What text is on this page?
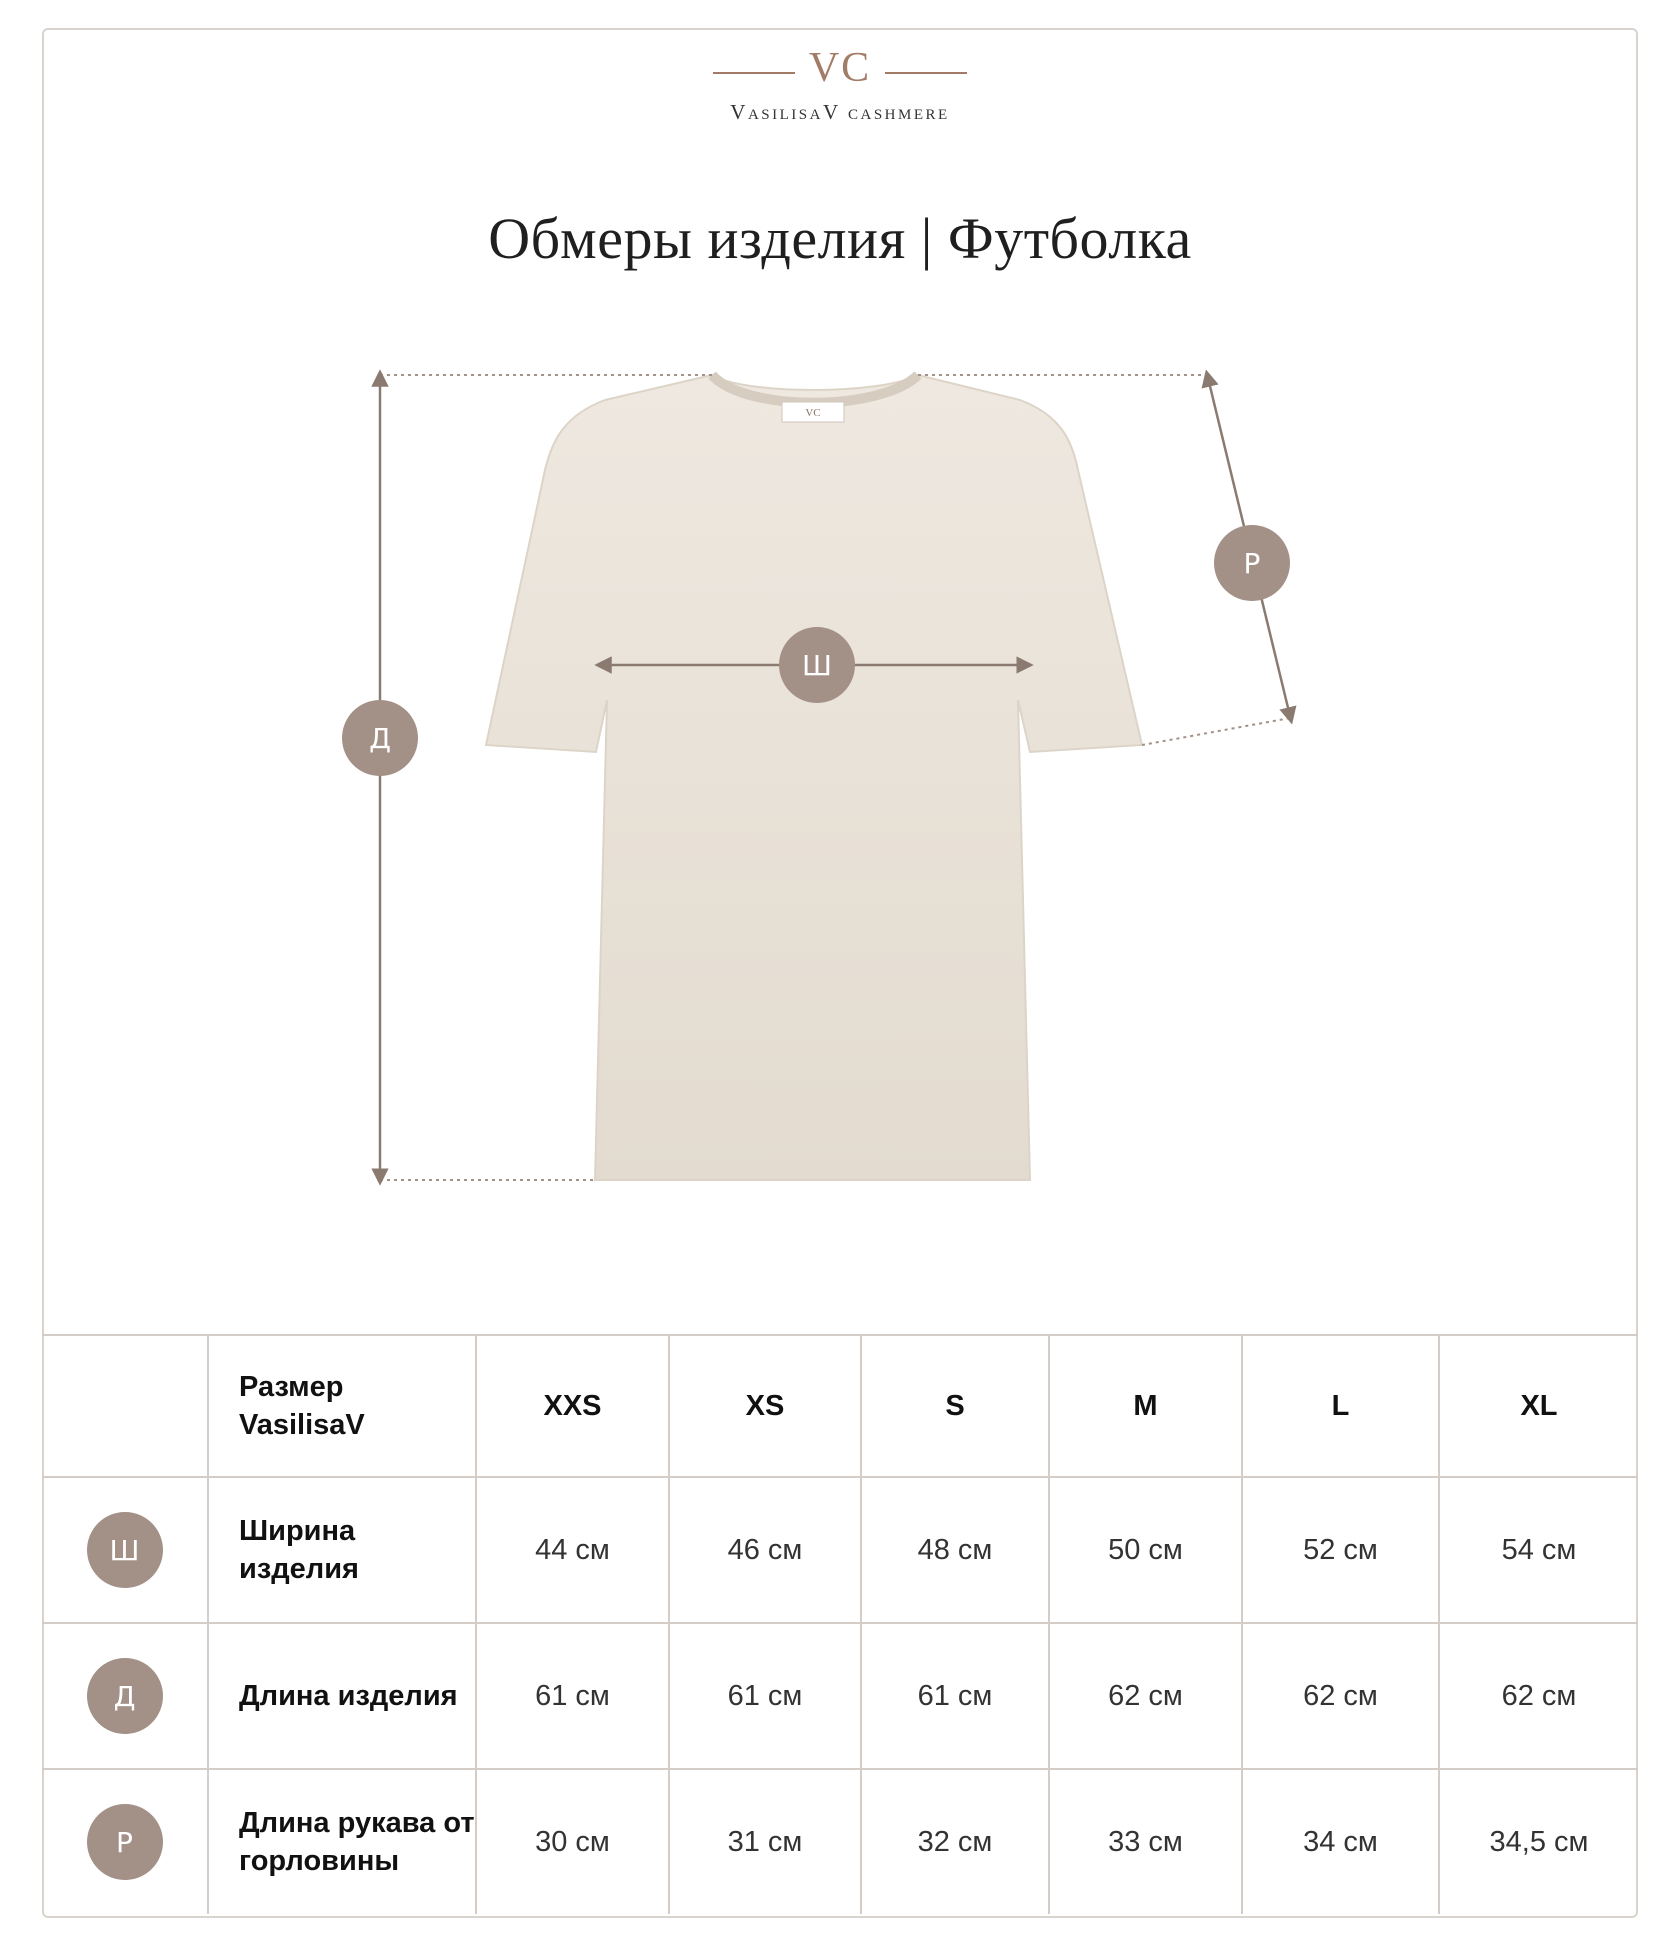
VC
VasilisaV cashmere
Обмеры изделия | Футболка
VC
Д
Ш
Р
	Размер VasilisaV	XXS	XS	S	M	L	XL
Ш	Ширина изделия	44 см	46 см	48 см	50 см	52 см	54 см
Д	Длина изделия	61 см	61 см	61 см	62 см	62 см	62 см
Р	Длина рукава от горловины	30 см	31 см	32 см	33 см	34 см	34,5 см
